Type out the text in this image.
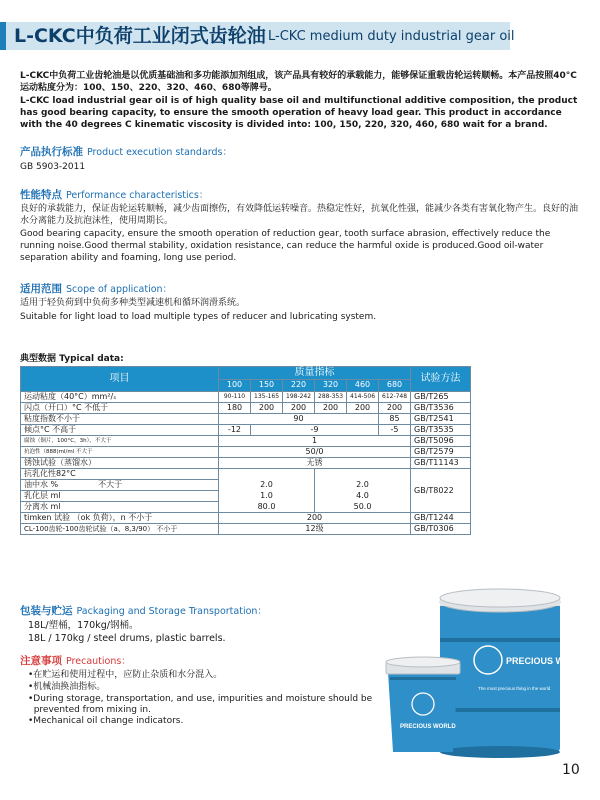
L-CKC中负荷工业闭式齿轮油 L-CKC medium duty industrial gear oil
L-CKC中负荷工业齿轮油是以优质基础油和多功能添加剂组成，该产品具有较好的承载能力，能够保证重载齿轮运转顺畅。本产品按照40°C运动粘度分为：100、150、220、320、460、680等牌号。
L-CKC load industrial gear oil is of high quality base oil and multifunctional additive composition, the product has good bearing capacity, to ensure the smooth operation of heavy load gear. This product in accordance with the 40 degrees C kinematic viscosity is divided into: 100, 150, 220, 320, 460, 680 wait for a brand.
产品执行标准 Product execution standards：
GB 5903-2011
性能特点 Performance characteristics：
良好的承载能力，保证齿轮运转顺畅，减少齿面擦伤，有效降低运转噪音。热稳定性好，抗氧化性强，能减少各类有害氧化物产生。良好的油水分离能力及抗泡沫性，使用周期长。
Good bearing capacity, ensure the smooth operation of reduction gear, tooth surface abrasion, effectively reduce the running noise.Good thermal stability, oxidation resistance, can reduce the harmful oxide is produced.Good oil-water separation ability and foaming, long use period.
适用范围 Scope of application：
适用于轻负荷到中负荷多种类型减速机和循环润滑系统。
Suitable for light load to load multiple types of reducer and lubricating system.
典型数据 Typical data:
项目	质量指标						试验方法
	100	150	220	320	460	680	
运动粘度（40°C）mm²/ₛ	90-110	135-165	198-242	288-353	414-506	612-748	GB/T265
闪点（开口）°C 不低于	180	200	200	200	200	200	GB/T3536
粘度指数不小于	90					85	GB/T2541
倾点°C 不高于	-12	-9				-5	GB/T3535
腐蚀（铜片，100°C，3h），不大于	1						GB/T5096
抗泡性（888)ml/ml 不大于	50/0						GB/T2579
锈蚀试验（蒸馏水）	无锈						GB/T11143
抗乳化性82°C							GB/T8022
油中水 % 不大于	2.0			2.0			
乳化层 ml	1.0			4.0			
分离水 ml	80.0			50.0			
timken 试验 （ok 负荷），n 不小于	200						GB/T1244
CL-100齿轮-100齿轮试验（a、8,3/90） 不小于	12级						GB/T0306
包装与贮运 Packaging and Storage Transportation：
18L/塑桶，170kg/钢桶。
18L / 170kg / steel drums, plastic barrels.
注意事项 Precautions：
•在贮运和使用过程中，应防止杂质和水分混入。
•机械油换油指标。
•During storage, transportation, and use, impurities and moisture should be
prevented from mixing in.
•Mechanical oil change indicators.
PRECIOUS WORLD
The most precious thing in the world
PRECIOUS WORLD
10
